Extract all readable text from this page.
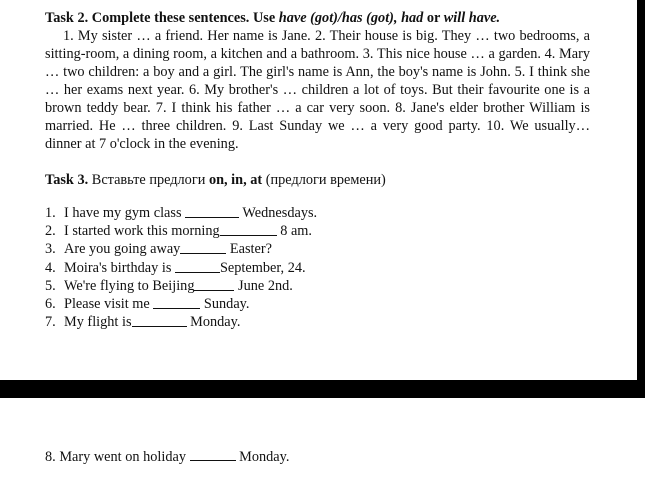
Task 2. Complete these sentences. Use have (got)/has (got), had or will have.

1. My sister … a friend. Her name is Jane. 2. Their house is big. They … two bedrooms, a sitting-room, a dining room, a kitchen and a bathroom. 3. This nice house … a garden. 4. Mary … two children: a boy and a girl. The girl's name is Ann, the boy's name is John. 5. I think she … her exams next year. 6. My brother's … children a lot of toys. But their favourite one is a brown teddy bear. 7. I think his father … a car very soon. 8. Jane's elder brother William is married. He … three children. 9. Last Sunday we … a very good party. 10. We usually… dinner at 7 o'clock in the evening.

Task 3. Вставьте предлоги on, in, at (предлоги времени)
1. I have my gym class	Wednesdays.
2. I started work this morning	8 am.
3. Are you going away	Easter?
4. Moira's birthday is	September, 24.
5. We're flying to Beijing	June 2nd.
6. Please visit me	Sunday.
7. My flight is	Monday.
8. Mary went on holiday	Monday.
